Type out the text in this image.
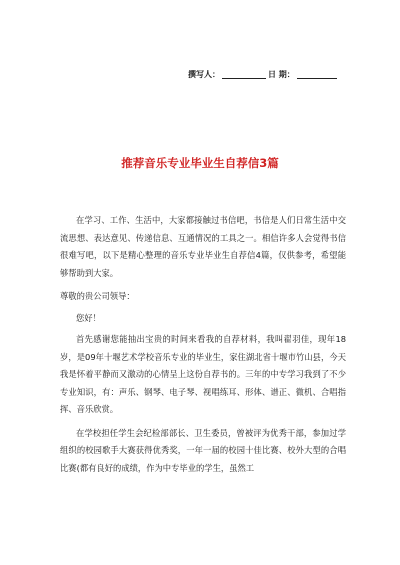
撰写人：	日 期：
推荐音乐专业毕业生自荐信3篇

在学习、工作、生活中，大家都接触过书信吧，书信是人们日常生活中交流思想、表达意见、传递信息、互通情况的工具之一。相信许多人会觉得书信很难写吧，以下是精心整理的音乐专业毕业生自荐信4篇，仅供参考，希望能够帮助到大家。

尊敬的贵公司领导：

您好！

首先感谢您能抽出宝贵的时间来看我的自荐材料，我叫翟羽佳，现年18岁，是09年十堰艺术学校音乐专业的毕业生，家住湖北省十堰市竹山县，今天我是怀着平静而又激动的心情呈上这份自荐书的。三年的中专学习我到了不少专业知识，有：声乐、钢琴、电子琴、视唱练耳、形体、谱正、微机、合唱指挥、音乐欣赏。

在学校担任学生会纪检部部长、卫生委员，曾被评为优秀干部，参加过学组织的校园歌手大赛获得优秀奖，一年一届的校园十佳比赛、校外大型的合唱比赛(都有良好的成绩，作为中专毕业的学生，虽然工
